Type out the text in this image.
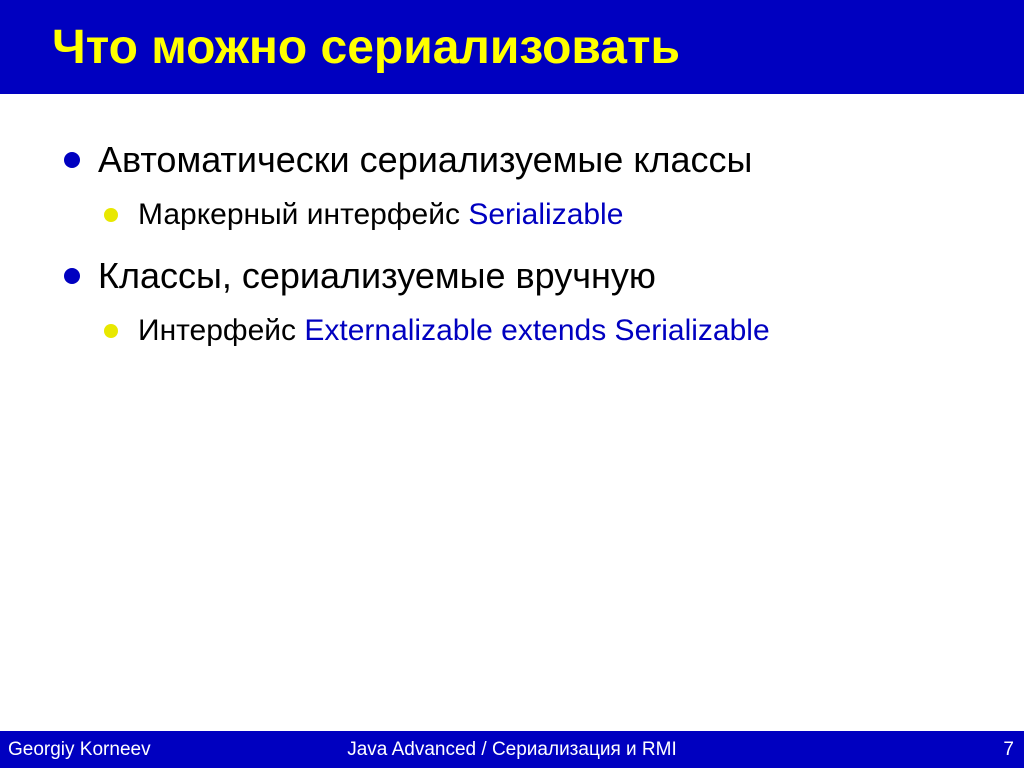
Что можно сериализовать
Автоматически сериализуемые классы
Маркерный интерфейс
Serializable
Классы, сериализуемые вручную
Интерфейс
Externalizable extends Serializable
Georgiy Korneev	Java Advanced / Сериализация и RMI	7
